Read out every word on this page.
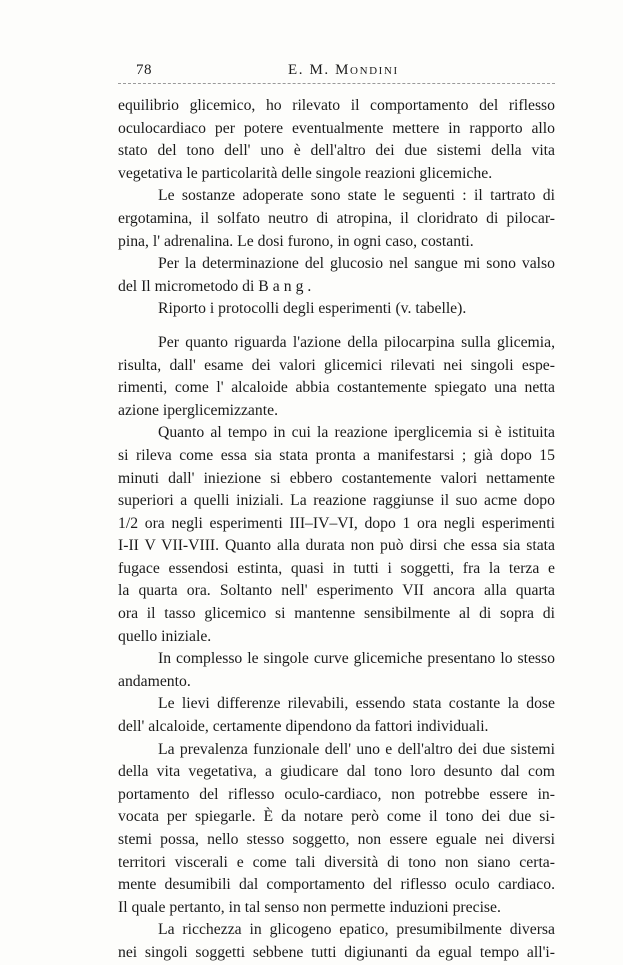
78	E. M. Mondini
equilibrio glicemico, ho rilevato il comportamento del riflesso
oculocardiaco per potere eventualmente mettere in rapporto allo
stato del tono dell' uno è dell'altro dei due sistemi della vita
vegetativa le particolarità delle singole reazioni glicemiche.
Le sostanze adoperate sono state le seguenti : il tartrato di
ergotamina, il solfato neutro di atropina, il cloridrato di pilocar-
pina, l' adrenalina. Le dosi furono, in ogni caso, costanti.
Per la determinazione del glucosio nel sangue mi sono valso
del Il micrometodo di Bang.
Riporto i protocolli degli esperimenti (v. tabelle).
Per quanto riguarda l'azione della pilocarpina sulla glicemia,
risulta, dall' esame dei valori glicemici rilevati nei singoli espe-
rimenti, come l' alcaloide abbia costantemente spiegato una netta
azione iperglicemizzante.
Quanto al tempo in cui la reazione iperglicemia si è istituita
si rileva come essa sia stata pronta a manifestarsi ; già dopo 15
minuti dall' iniezione si ebbero costantemente valori nettamente
superiori a quelli iniziali. La reazione raggiunse il suo acme dopo
1/2 ora negli esperimenti III–IV–VI, dopo 1 ora negli esperimenti
I-II V VII-VIII. Quanto alla durata non può dirsi che essa sia stata
fugace essendosi estinta, quasi in tutti i soggetti, fra la terza e
la quarta ora. Soltanto nell' esperimento VII ancora alla quarta
ora il tasso glicemico si mantenne sensibilmente al di sopra di
quello iniziale.
In complesso le singole curve glicemiche presentano lo stesso
andamento.
Le lievi differenze rilevabili, essendo stata costante la dose
dell' alcaloide, certamente dipendono da fattori individuali.
La prevalenza funzionale dell' uno e dell'altro dei due sistemi
della vita vegetativa, a giudicare dal tono loro desunto dal com
portamento del riflesso oculo-cardiaco, non potrebbe essere in-
vocata per spiegarle. È da notare però come il tono dei due si-
stemi possa, nello stesso soggetto, non essere eguale nei diversi
territori viscerali e come tali diversità di tono non siano certa-
mente desumibili dal comportamento del riflesso oculo cardiaco.
Il quale pertanto, in tal senso non permette induzioni precise.
La ricchezza in glicogeno epatico, presumibilmente diversa
nei singoli soggetti sebbene tutti digiunanti da egual tempo all'i-
